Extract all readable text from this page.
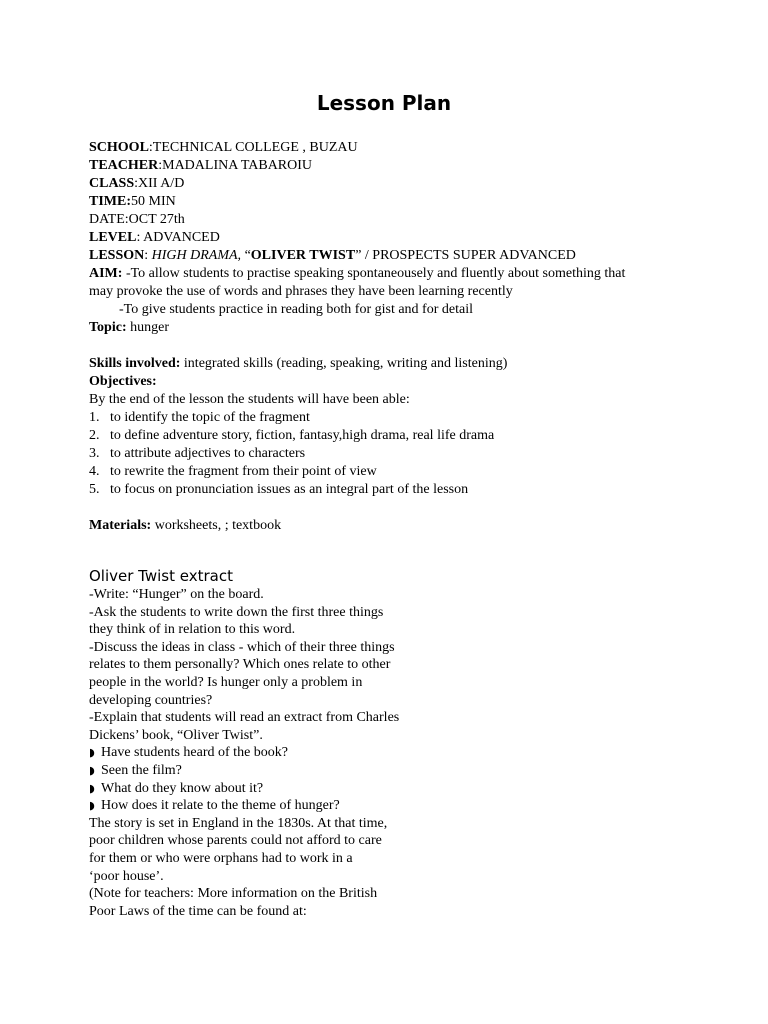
Lesson Plan
SCHOOL:TECHNICAL COLLEGE , BUZAU
TEACHER:MADALINA TABAROIU
CLASS:XII A/D
TIME:50 MIN
DATE:OCT 27th
LEVEL: ADVANCED
LESSON: HIGH DRAMA, “OLIVER TWIST” / PROSPECTS SUPER ADVANCED
AIM: -To allow students to practise speaking spontaneousely and fluently about something that
may provoke the use of words and phrases they have been learning recently
-To give students practice in reading both for gist and for detail
Topic: hunger
Skills involved: integrated skills (reading, speaking, writing and listening)
Objectives:
By the end of the lesson the students will have been able:
1. to identify the topic of the fragment
2. to define adventure story, fiction, fantasy,high drama, real life drama
3. to attribute adjectives to characters
4. to rewrite the fragment from their point of view
5. to focus on pronunciation issues as an integral part of the lesson
Materials: worksheets, ; textbook
Oliver Twist extract
-Write: “Hunger” on the board.
-Ask the students to write down the first three things
they think of in relation to this word.
-Discuss the ideas in class - which of their three things
relates to them personally? Which ones relate to other
people in the world? Is hunger only a problem in
developing countries?
-Explain that students will read an extract from Charles
Dickens’ book, “Oliver Twist”.
◗ Have students heard of the book?
◗ Seen the film?
◗ What do they know about it?
◗ How does it relate to the theme of hunger?
The story is set in England in the 1830s. At that time,
poor children whose parents could not afford to care
for them or who were orphans had to work in a
‘poor house’.
(Note for teachers: More information on the British
Poor Laws of the time can be found at:
